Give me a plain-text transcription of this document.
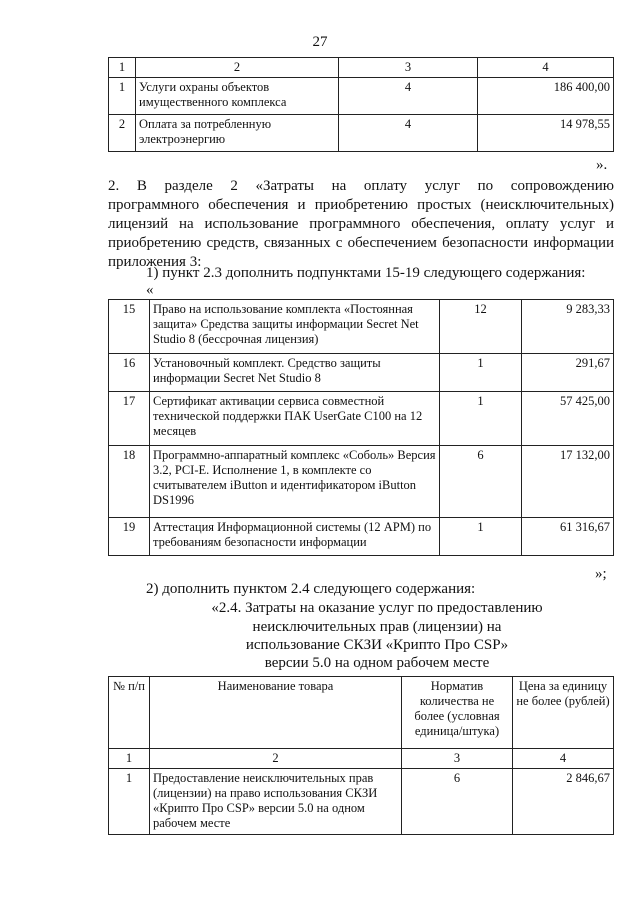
27
1	2	3	4
1	Услуги охраны объектов имущественного комплекса	4	186 400,00
2	Оплата за потребленную электроэнергию	4	14 978,55
».
2. В разделе 2 «Затраты на оплату услуг по сопровождению
программного обеспечения и приобретению простых (неисключительных)
лицензий на использование программного обеспечения, оплату услуг и
приобретению средств, связанных с обеспечением безопасности информации
приложения 3:
1) пункт 2.3 дополнить подпунктами 15-19 следующего содержания:
«
15	Право на использование комплекта «Постоянная защита» Средства защиты информации Secret Net Studio 8 (бессрочная лицензия)	12	9 283,33
16	Установочный комплект. Средство защиты информации Secret Net Studio 8	1	291,67
17	Сертификат активации сервиса совместной технической поддержки ПАК UserGate С100 на 12 месяцев	1	57 425,00
18	Программно-аппаратный комплекс «Соболь» Версия 3.2, PCI-E. Исполнение 1, в комплекте со считывателем iButton и идентификатором iButton DS1996	6	17 132,00
19	Аттестация Информационной системы (12 АРМ) по требованиям безопасности информации	1	61 316,67
»;
2) дополнить пунктом 2.4 следующего содержания:
«2.4. Затраты на оказание услуг по предоставлению
неисключительных прав (лицензии) на
использование СКЗИ «Крипто Про CSP»
версии 5.0 на одном рабочем месте
№ п/п	Наименование товара	Норматив количества не более (условная единица/штука)	Цена за единицу не более (рублей)
1	2	3	4
1	Предоставление неисключительных прав (лицензии) на право использования СКЗИ «Крипто Про CSP» версии 5.0 на одном рабочем месте	6	2 846,67
